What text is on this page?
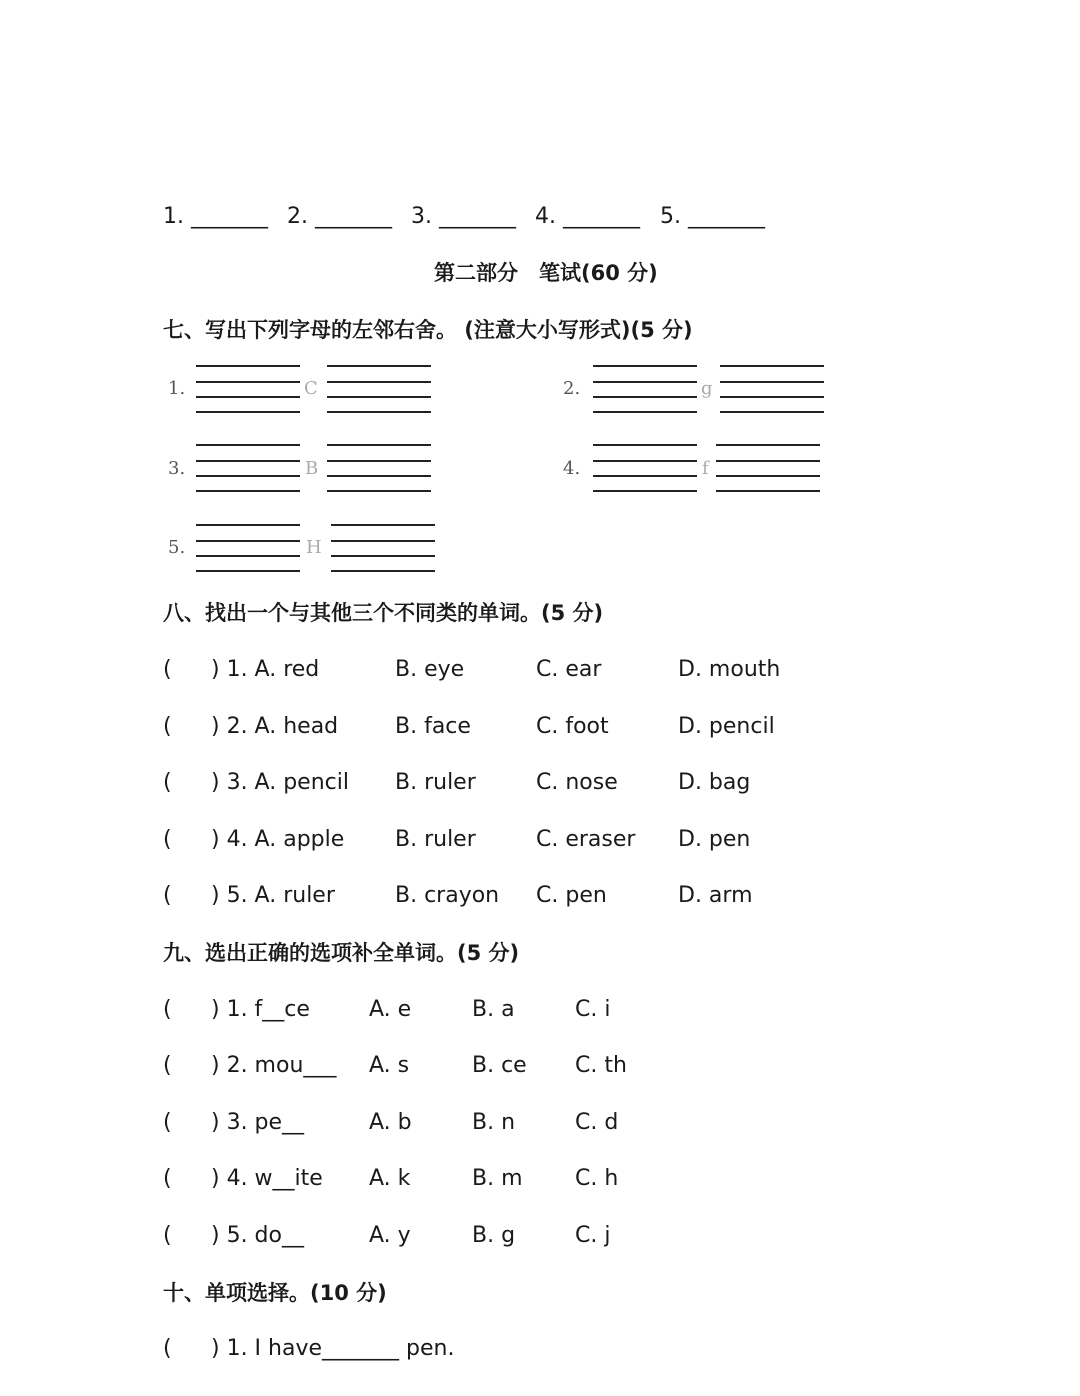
1. _______ 2. _______ 3. _______ 4. _______ 5. _______
第二部分　笔试(60 分)
七、写出下列字母的左邻右舍。 (注意大小写形式)(5 分)
1.	C	2.	g
3.	B	4.	f
5.	H
八、找出一个与其他三个不同类的单词。(5 分)
( ) 1. A. red	B. eye	C. ear	D. mouth
( ) 2. A. head	B. face	C. foot	D. pencil
( ) 3. A. pencil B. ruler	C. nose	D. bag
( ) 4. A. apple B. ruler	C. eraser D. pen
( ) 5. A. ruler	B. crayon C. pen	D. arm
九、选出正确的选项补全单词。(5 分)
( ) 1. f__ce	A. e	B. a	C. i
( ) 2. mou___ A. s	B. ce C. th
( ) 3. pe__	A. b	B. n	C. d
( ) 4. w__ite A. k	B. m C. h
( ) 5. do__	A. y	B. g	C. j
十、单项选择。(10 分)
( ) 1. I have_______ pen.
